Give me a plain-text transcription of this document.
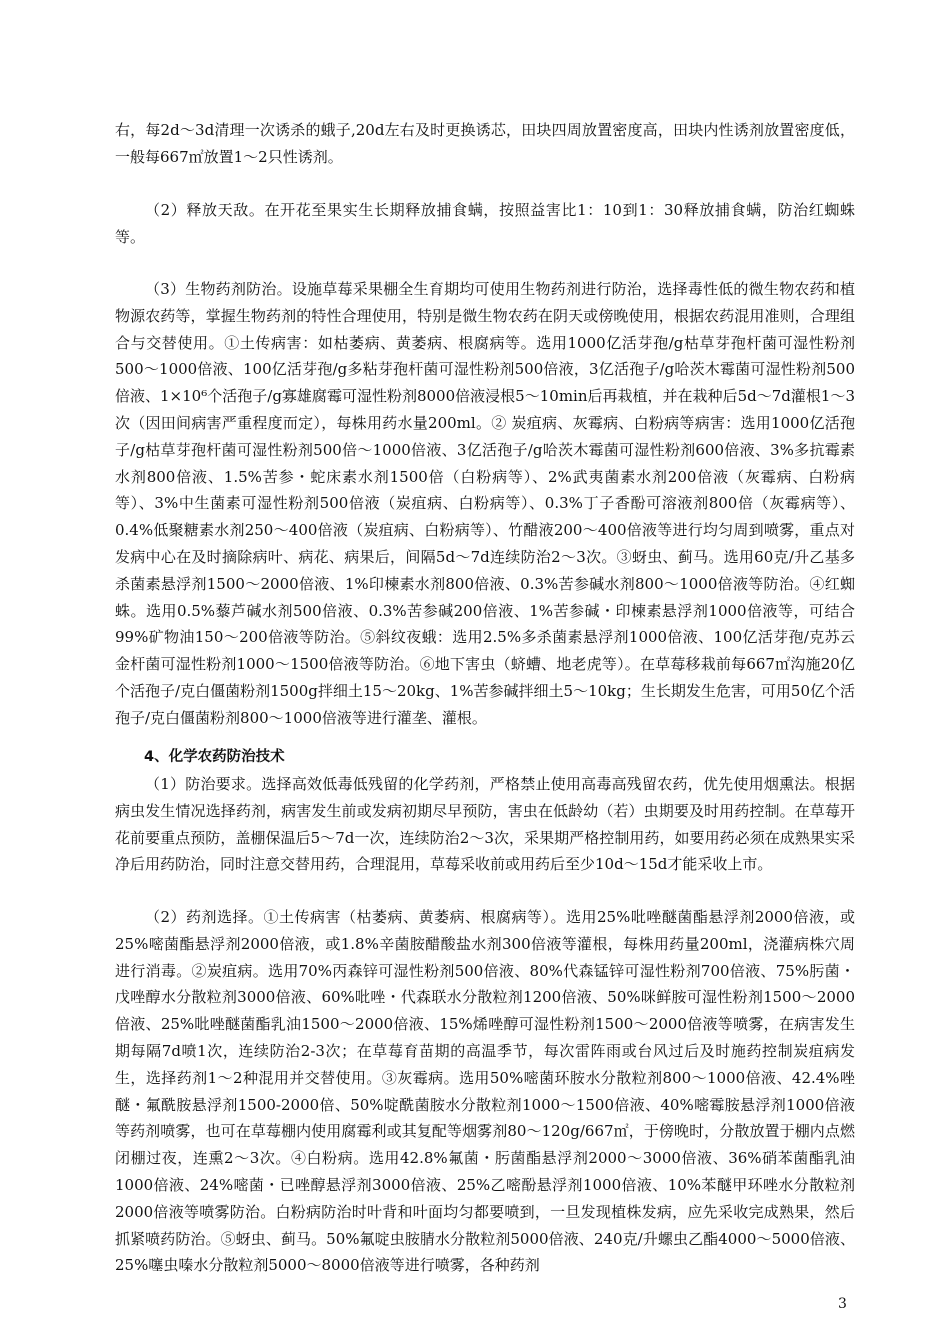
右，每2d～3d清理一次诱杀的蛾子,20d左右及时更换诱芯，田块四周放置密度高，田块内性诱剂放置密度低，一般每667㎡放置1～2只性诱剂。

（2）释放天敌。在开花至果实生长期释放捕食螨，按照益害比1：10到1：30释放捕食螨，防治红蜘蛛等。

（3）生物药剂防治。设施草莓采果棚全生育期均可使用生物药剂进行防治，选择毒性低的微生物农药和植物源农药等，掌握生物药剂的特性合理使用，特别是微生物农药在阴天或傍晚使用，根据农药混用准则，合理组合与交替使用。①土传病害：如枯萎病、黄萎病、根腐病等。选用1000亿活芽孢/g枯草芽孢杆菌可湿性粉剂500～1000倍液、100亿活芽孢/g多粘芽孢杆菌可湿性粉剂500倍液，3亿活孢子/g哈茨木霉菌可湿性粉剂500倍液、1×10⁶个活孢子/g寡雄腐霉可湿性粉剂8000倍液浸根5～10min后再栽植，并在栽种后5d～7d灌根1～3次（因田间病害严重程度而定），每株用药水量200ml。② 炭疽病、灰霉病、白粉病等病害：选用1000亿活孢子/g枯草芽孢杆菌可湿性粉剂500倍～1000倍液、3亿活孢子/g哈茨木霉菌可湿性粉剂600倍液、3%多抗霉素水剂800倍液、1.5%苦参・蛇床素水剂1500倍（白粉病等）、2%武夷菌素水剂200倍液（灰霉病、白粉病等）、3%中生菌素可湿性粉剂500倍液（炭疽病、白粉病等）、0.3%丁子香酚可溶液剂800倍（灰霉病等）、0.4%低聚糖素水剂250～400倍液（炭疽病、白粉病等）、竹醋液200～400倍液等进行均匀周到喷雾，重点对发病中心在及时摘除病叶、病花、病果后，间隔5d～7d连续防治2～3次。③蚜虫、蓟马。选用60克/升乙基多杀菌素悬浮剂1500～2000倍液、1%印楝素水剂800倍液、0.3%苦参碱水剂800～1000倍液等防治。④红蜘蛛。选用0.5%藜芦碱水剂500倍液、0.3%苦参碱200倍液、1%苦参碱・印楝素悬浮剂1000倍液等，可结合99%矿物油150～200倍液等防治。⑤斜纹夜蛾：选用2.5%多杀菌素悬浮剂1000倍液、100亿活芽孢/克苏云金杆菌可湿性粉剂1000～1500倍液等防治。⑥地下害虫（蛴螬、地老虎等）。在草莓移栽前每667㎡沟施20亿个活孢子/克白僵菌粉剂1500g拌细土15～20kg、1%苦参碱拌细土5～10kg；生长期发生危害，可用50亿个活孢子/克白僵菌粉剂800～1000倍液等进行灌垄、灌根。

4、化学农药防治技术

（1）防治要求。选择高效低毒低残留的化学药剂，严格禁止使用高毒高残留农药，优先使用烟熏法。根据病虫发生情况选择药剂，病害发生前或发病初期尽早预防，害虫在低龄幼（若）虫期要及时用药控制。在草莓开花前要重点预防，盖棚保温后5～7d一次，连续防治2～3次，采果期严格控制用药，如要用药必须在成熟果实采净后用药防治，同时注意交替用药，合理混用，草莓采收前或用药后至少10d～15d才能采收上市。

（2）药剂选择。①土传病害（枯萎病、黄萎病、根腐病等）。选用25%吡唑醚菌酯悬浮剂2000倍液，或25%嘧菌酯悬浮剂2000倍液，或1.8%辛菌胺醋酸盐水剂300倍液等灌根，每株用药量200ml，浇灌病株穴周进行消毒。②炭疽病。选用70%丙森锌可湿性粉剂500倍液、80%代森锰锌可湿性粉剂700倍液、75%肟菌・戊唑醇水分散粒剂3000倍液、60%吡唑・代森联水分散粒剂1200倍液、50%咪鲜胺可湿性粉剂1500～2000倍液、25%吡唑醚菌酯乳油1500～2000倍液、15%烯唑醇可湿性粉剂1500～2000倍液等喷雾，在病害发生期每隔7d喷1次，连续防治2-3次；在草莓育苗期的高温季节，每次雷阵雨或台风过后及时施药控制炭疽病发生，选择药剂1～2种混用并交替使用。③灰霉病。选用50%嘧菌环胺水分散粒剂800～1000倍液、42.4%唑醚・氟酰胺悬浮剂1500-2000倍、50%啶酰菌胺水分散粒剂1000～1500倍液、40%嘧霉胺悬浮剂1000倍液等药剂喷雾，也可在草莓棚内使用腐霉利或其复配等烟雾剂80～120g/667㎡，于傍晚时，分散放置于棚内点燃闭棚过夜，连熏2～3次。④白粉病。选用42.8%氟菌・肟菌酯悬浮剂2000～3000倍液、36%硝苯菌酯乳油1000倍液、24%嘧菌・已唑醇悬浮剂3000倍液、25%乙嘧酚悬浮剂1000倍液、10%苯醚甲环唑水分散粒剂2000倍液等喷雾防治。白粉病防治时叶背和叶面均匀都要喷到，一旦发现植株发病，应先采收完成熟果，然后抓紧喷药防治。⑤蚜虫、蓟马。50%氟啶虫胺腈水分散粒剂5000倍液、240克/升螺虫乙酯4000～5000倍液、25%噻虫嗪水分散粒剂5000～8000倍液等进行喷雾，各种药剂

3
